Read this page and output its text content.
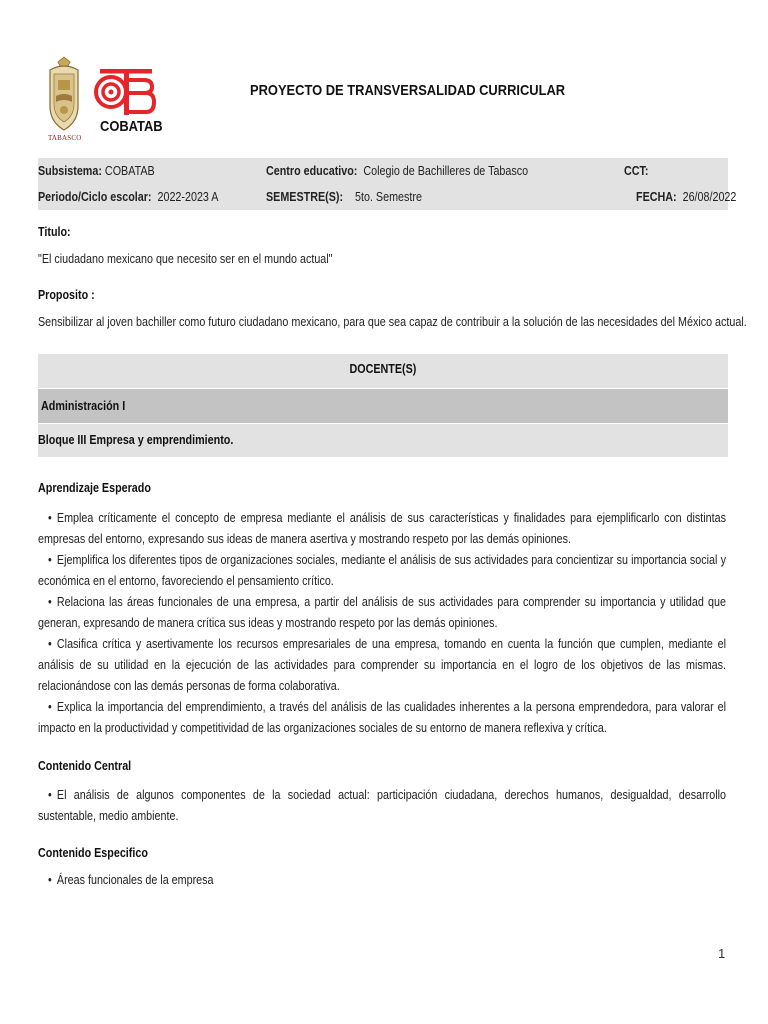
TABASCO
COBATAB
PROYECTO DE TRANSVERSALIDAD CURRICULAR
Subsistema: COBATAB	Centro educativo: Colegio de Bachilleres de Tabasco	CCT:
Periodo/Ciclo escolar: 2022-2023 A	SEMESTRE(S): 5to. Semestre	FECHA: 26/08/2022
Titulo:
"El ciudadano mexicano que necesito ser en el mundo actual"
Proposito :
Sensibilizar al joven bachiller como futuro ciudadano mexicano, para que sea capaz de contribuir a la solución de las necesidades del México actual.
DOCENTE(S)
Administración I
Bloque III Empresa y emprendimiento.
Aprendizaje Esperado
• Emplea críticamente el concepto de empresa mediante el análisis de sus características y finalidades para ejemplificarlo con distintas empresas del entorno, expresando sus ideas de manera asertiva y mostrando respeto por las demás opiniones.
• Ejemplifica los diferentes tipos de organizaciones sociales, mediante el análisis de sus actividades para concientizar su importancia social y económica en el entorno, favoreciendo el pensamiento crítico.
• Relaciona las áreas funcionales de una empresa, a partir del análisis de sus actividades para comprender su importancia y utilidad que generan, expresando de manera crítica sus ideas y mostrando respeto por las demás opiniones.
• Clasifica crítica y asertivamente los recursos empresariales de una empresa, tomando en cuenta la función que cumplen, mediante el análisis de su utilidad en la ejecución de las actividades para comprender su importancia en el logro de los objetivos de las mismas. relacionándose con las demás personas de forma colaborativa.
• Explica la importancia del emprendimiento, a través del análisis de las cualidades inherentes a la persona emprendedora, para valorar el impacto en la productividad y competitividad de las organizaciones sociales de su entorno de manera reflexiva y crítica.
Contenido Central
• El análisis de algunos componentes de la sociedad actual: participación ciudadana, derechos humanos, desigualdad, desarrollo sustentable, medio ambiente.
Contenido Especifico
• Áreas funcionales de la empresa
1
